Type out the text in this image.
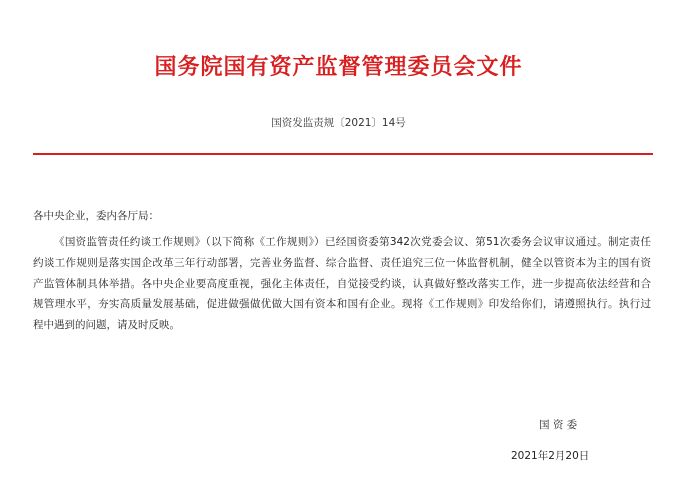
国务院国有资产监督管理委员会文件
国资发监责规〔2021〕14号
各中央企业，委内各厅局：
《国资监管责任约谈工作规则》（以下简称《工作规则》）已经国资委第342次党委会议、第51次委务会议审议通过。制定责任
约谈工作规则是落实国企改革三年行动部署，完善业务监督、综合监督、责任追究三位一体监督机制，健全以管资本为主的国有资
产监管体制具体举措。各中央企业要高度重视，强化主体责任，自觉接受约谈，认真做好整改落实工作，进一步提高依法经营和合
规管理水平，夯实高质量发展基础，促进做强做优做大国有资本和国有企业。现将《工作规则》印发给你们，请遵照执行。执行过
程中遇到的问题，请及时反映。
国 资 委
2021年2月20日
